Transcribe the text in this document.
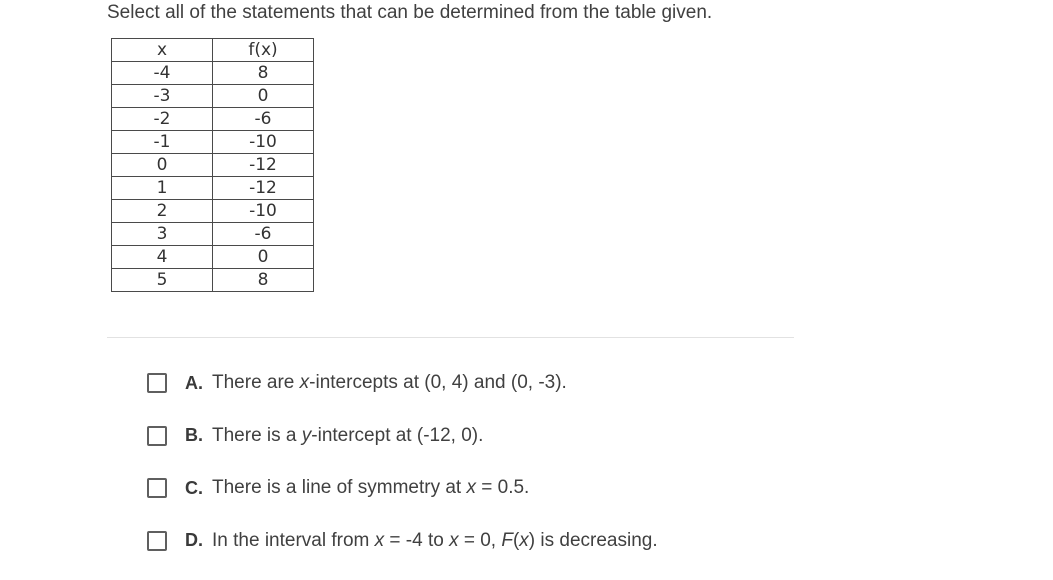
Select all of the statements that can be determined from the table given.
x	f(x)
-4	8
-3	0
-2	-6
-1	-10
0	-12
1	-12
2	-10
3	-6
4	0
5	8
A. There are x-intercepts at (0, 4) and (0, -3).
B. There is a y-intercept at (-12, 0).
C. There is a line of symmetry at x = 0.5.
D. In the interval from x = -4 to x = 0, F(x) is decreasing.
